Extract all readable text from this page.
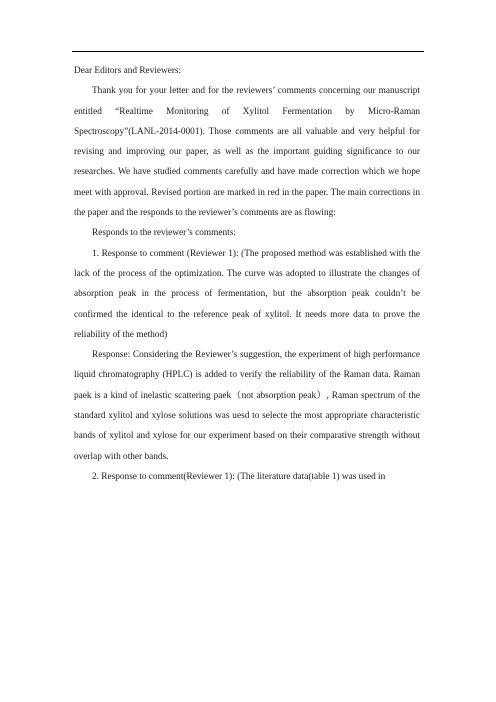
Dear Editors and Reviewers:

Thank you for your letter and for the reviewers’ comments concerning our manuscript entitled “Realtime Monitoring of Xylitol Fermentation by Micro-Raman Spectroscopy”(LANL-2014-0001). Those comments are all valuable and very helpful for revising and improving our paper, as well as the important guiding significance to our researches. We have studied comments carefully and have made correction which we hope meet with approval. Revised portion are marked in red in the paper. The main corrections in the paper and the responds to the reviewer’s comments are as flowing:

Responds to the reviewer’s comments:

1. Response to comment (Reviewer 1): (The proposed method was established with the lack of the process of the optimization. The curve was adopted to illustrate the changes of absorption peak in the process of fermentation, but the absorption peak couldn’t be confirmed the identical to the reference peak of xylitol. It needs more data to prove the reliability of the method)

Response: Considering the Reviewer’s suggestion, the experiment of high performance liquid chromatography (HPLC) is added to verify the reliability of the Raman data. Raman paek is a kind of inelastic scattering paek（not absorption peak）, Raman spectrum of the standard xylitol and xylose solutions was uesd to selecte the most appropriate characteristic bands of xylitol and xylose for our experiment based on their comparative strength without overlap with other bands.

2. Response to comment(Reviewer 1): (The literature data(table 1) was used in
